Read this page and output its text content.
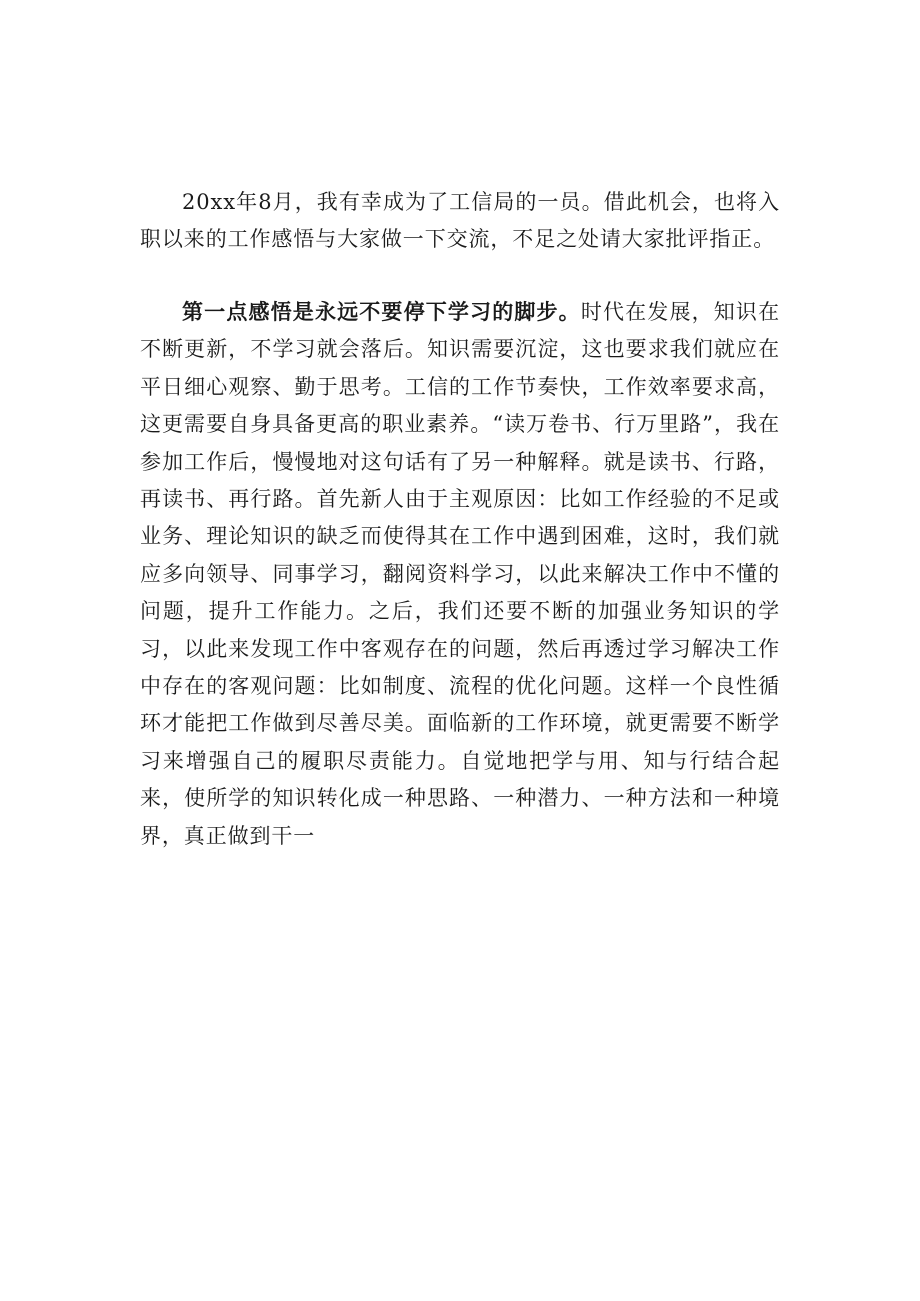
20xx年8月，我有幸成为了工信局的一员。借此机会，也将入职以来的工作感悟与大家做一下交流，不足之处请大家批评指正。

第一点感悟是永远不要停下学习的脚步。时代在发展，知识在不断更新，不学习就会落后。知识需要沉淀，这也要求我们就应在平日细心观察、勤于思考。工信的工作节奏快，工作效率要求高，这更需要自身具备更高的职业素养。“读万卷书、行万里路”，我在参加工作后，慢慢地对这句话有了另一种解释。就是读书、行路，再读书、再行路。首先新人由于主观原因：比如工作经验的不足或业务、理论知识的缺乏而使得其在工作中遇到困难，这时，我们就应多向领导、同事学习，翻阅资料学习，以此来解决工作中不懂的问题，提升工作能力。之后，我们还要不断的加强业务知识的学习，以此来发现工作中客观存在的问题，然后再透过学习解决工作中存在的客观问题：比如制度、流程的优化问题。这样一个良性循环才能把工作做到尽善尽美。面临新的工作环境，就更需要不断学习来增强自己的履职尽责能力。自觉地把学与用、知与行结合起来，使所学的知识转化成一种思路、一种潜力、一种方法和一种境界，真正做到干一
